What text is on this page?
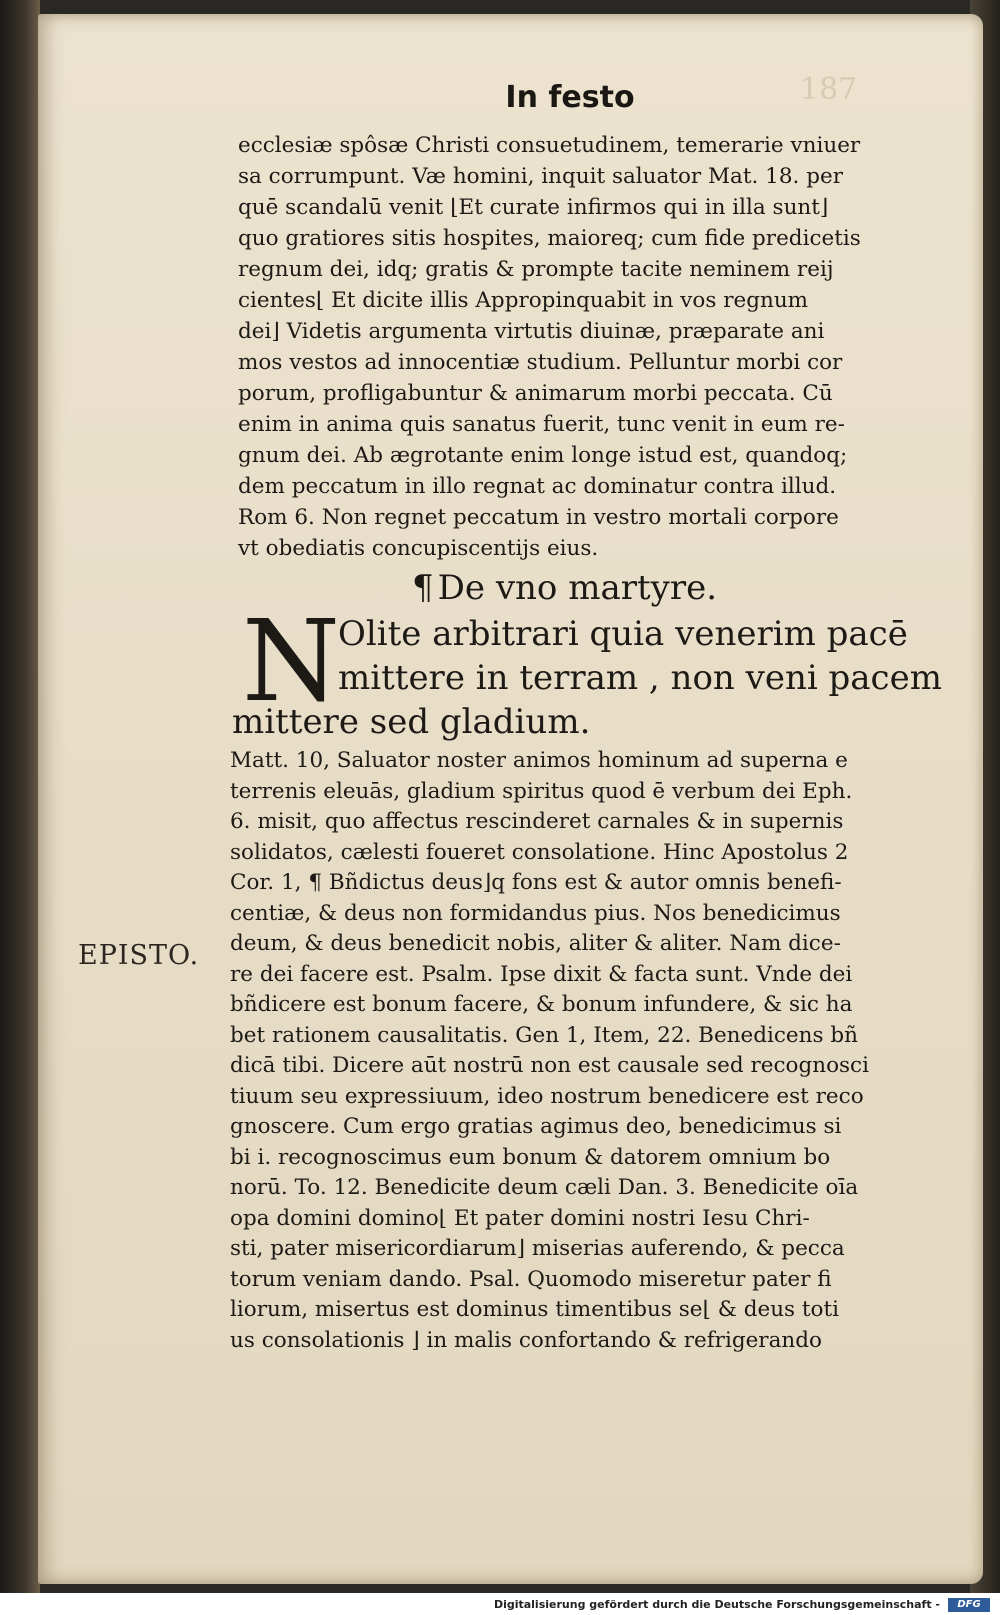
187
In festo
ecclesiæ spôsæ Christi consuetudinem, temerarie vniuer
sa corrumpunt. Væ homini, inquit saluator Mat. 18. per
quē scandalū venit ⌊Et curate infirmos qui in illa sunt⌋
quo gratiores sitis hospites, maioreq; cum fide predicetis
regnum dei, idq; gratis & prompte tacite neminem reij
cientes⌊ Et dicite illis Appropinquabit in vos regnum
dei⌋ Videtis argumenta virtutis diuinæ, præparate ani
mos vestos ad innocentiæ studium. Pelluntur morbi cor
porum, profligabuntur & animarum morbi peccata. Cū
enim in anima quis sanatus fuerit, tunc venit in eum re-
gnum dei. Ab ægrotante enim longe istud est, quandoq;
dem peccatum in illo regnat ac dominatur contra illud.
Rom 6. Non regnet peccatum in vestro mortali corpore
vt obediatis concupiscentijs eius.
¶ De vno martyre.
N
Olite arbitrari quia venerim pacē
mittere in terram , non veni pacem
mittere sed gladium.
Matt. 10, Saluator noster animos hominum ad superna e
terrenis eleuās, gladium spiritus quod ē verbum dei Eph.
6. misit, quo affectus rescinderet carnales & in supernis
solidatos, cælesti foueret consolatione. Hinc Apostolus 2
Cor. 1, ¶ Bñdictus deus⌋q fons est & autor omnis benefi-
centiæ, & deus non formidandus pius. Nos benedicimus
deum, & deus benedicit nobis, aliter & aliter. Nam dice-
re dei facere est. Psalm. Ipse dixit & facta sunt. Vnde dei
bñdicere est bonum facere, & bonum infundere, & sic ha
bet rationem causalitatis. Gen 1, Item, 22. Benedicens bñ
dicā tibi. Dicere aūt nostrū non est causale sed recognosci
tiuum seu expressiuum, ideo nostrum benedicere est reco
gnoscere. Cum ergo gratias agimus deo, benedicimus si
bi i. recognoscimus eum bonum & datorem omnium bo
norū. To. 12. Benedicite deum cæli Dan. 3. Benedicite oīa
opa domini domino⌊ Et pater domini nostri Iesu Chri-
sti, pater misericordiarum⌋ miserias auferendo, & pecca
torum veniam dando. Psal. Quomodo miseretur pater fi
liorum, misertus est dominus timentibus se⌊ & deus toti
us consolationis ⌋ in malis confortando & refrigerando
EPISTO.
Digitalisierung gefördert durch die Deutsche Forschungsgemeinschaft -	DFG
